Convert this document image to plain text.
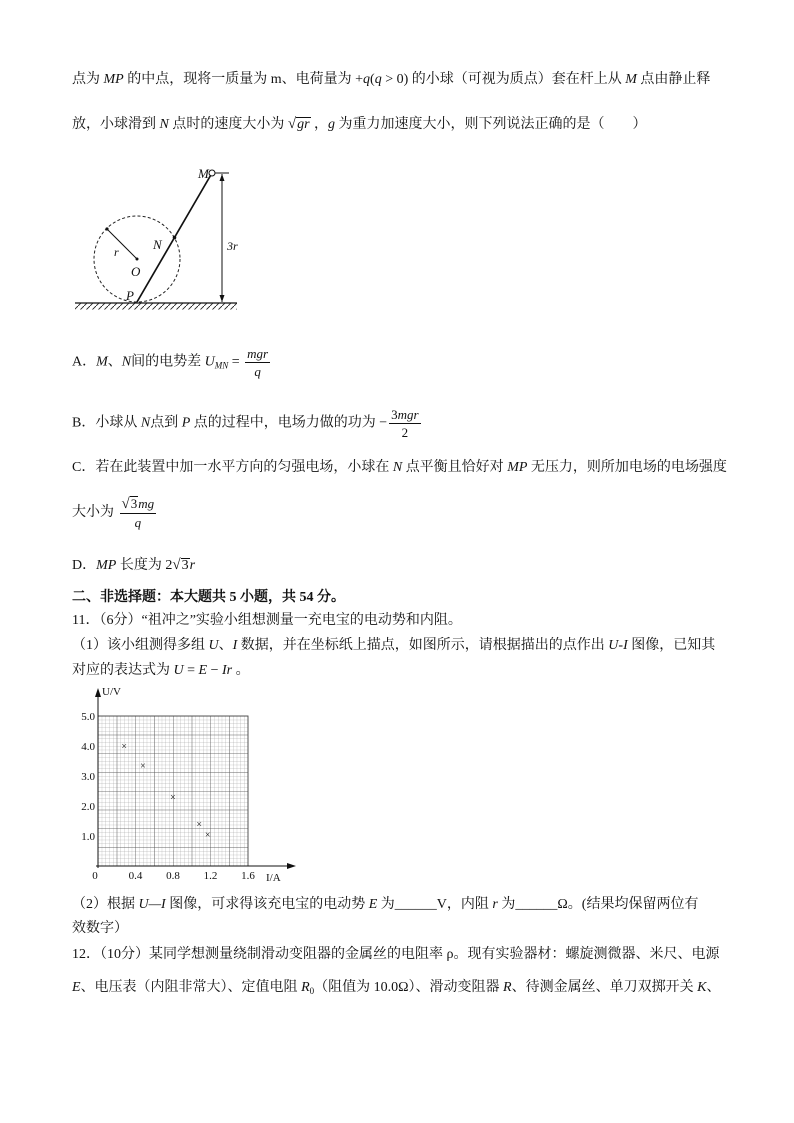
点为 MP 的中点，现将一质量为 m、电荷量为 +q(q > 0) 的小球（可视为质点）套在杆上从 M 点由静止释
放，小球滑到 N 点时的速度大小为 √gr ，g 为重力加速度大小，则下列说法正确的是（　　）
M
N
O
P
r	3r
A．M、N间的电势差 $U_{MN} = \frac{\text{mgr}}{q}$
B．小球从 N点到 P 点的过程中，电场力做的功为 − $\frac{\text{3mgr}}{2}$
C．若在此装置中加一水平方向的匀强电场，小球在 N 点平衡且恰好对 MP 无压力，则所加电场的电场强度
大小为 $\frac{√3mg}{q}$
D．MP 长度为 2√3r
二、非选择题：本大题共 5 小题，共 54 分。
11．（6分）“祖冲之”实验小组想测量一充电宝的电动势和内阻。
（1）该小组测得多组 U、I 数据，并在坐标纸上描点，如图所示，请根据描出的点作出 U-I 图像，已知其
对应的表达式为 U = E − Ir 。
U/V
I/A
1.0
2.0
3.0
4.0
5.0
0	0.4 0.8 1.2 1.6
×
×
×
×
×
（2）根据 U—I 图像，可求得该充电宝的电动势 E 为______V，内阻 r 为______Ω。(结果均保留两位有
效数字）
12．（10分）某同学想测量绕制滑动变阻器的金属丝的电阻率 ρ。现有实验器材：螺旋测微器、米尺、电源
E、电压表（内阻非常大）、定值电阻 $R_0$（阻值为 10.0Ω）、滑动变阻器 R、待测金属丝、单刀双掷开关 K、
